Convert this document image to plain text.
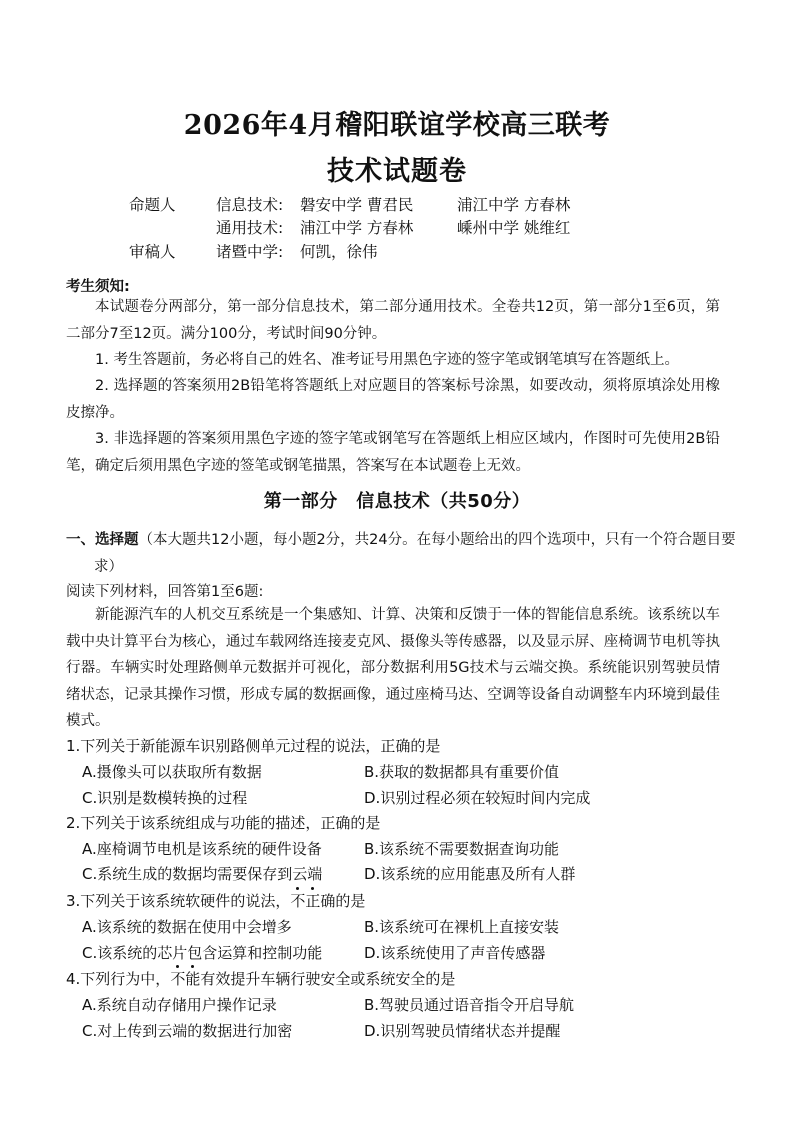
2026年4月稽阳联谊学校高三联考
技术试题卷
命题人	信息技术: 磐安中学 曹君民	浦江中学 方春林
通用技术: 浦江中学 方春林	嵊州中学 姚维红
审稿人	诸暨中学: 何凯，徐伟
考生须知:

本试题卷分两部分，第一部分信息技术，第二部分通用技术。全卷共12页，第一部分1至6页，第二部分7至12页。满分100分，考试时间90分钟。

1. 考生答题前，务必将自己的姓名、准考证号用黑色字迹的签字笔或钢笔填写在答题纸上。

2. 选择题的答案须用2B铅笔将答题纸上对应题目的答案标号涂黑，如要改动，须将原填涂处用橡皮擦净。

3. 非选择题的答案须用黑色字迹的签字笔或钢笔写在答题纸上相应区域内，作图时可先使用2B铅笔，确定后须用黑色字迹的签笔或钢笔描黑，答案写在本试题卷上无效。

第一部分　信息技术（共50分）

一、选择题（本大题共12小题，每小题2分，共24分。在每小题给出的四个选项中，只有一个符合题目要求）

阅读下列材料，回答第1至6题:

新能源汽车的人机交互系统是一个集感知、计算、决策和反馈于一体的智能信息系统。该系统以车载中央计算平台为核心，通过车载网络连接麦克风、摄像头等传感器，以及显示屏、座椅调节电机等执行器。车辆实时处理路侧单元数据并可视化，部分数据利用5G技术与云端交换。系统能识别驾驶员情绪状态，记录其操作习惯，形成专属的数据画像，通过座椅马达、空调等设备自动调整车内环境到最佳模式。

1.下列关于新能源车识别路侧单元过程的说法，正确的是
A.摄像头可以获取所有数据	B.获取的数据都具有重要价值
C.识别是数模转换的过程	D.识别过程必须在较短时间内完成
2.下列关于该系统组成与功能的描述，正确的是
A.座椅调节电机是该系统的硬件设备	B.该系统不需要数据查询功能
C.系统生成的数据均需要保存到云端	D.该系统的应用能惠及所有人群
3.下列关于该系统软硬件的说法，不正确的是
A.该系统的数据在使用中会增多	B.该系统可在裸机上直接安装
C.该系统的芯片包含运算和控制功能	D.该系统使用了声音传感器
4.下列行为中，不能有效提升车辆行驶安全或系统安全的是
A.系统自动存储用户操作记录	B.驾驶员通过语音指令开启导航
C.对上传到云端的数据进行加密	D.识别驾驶员情绪状态并提醒
